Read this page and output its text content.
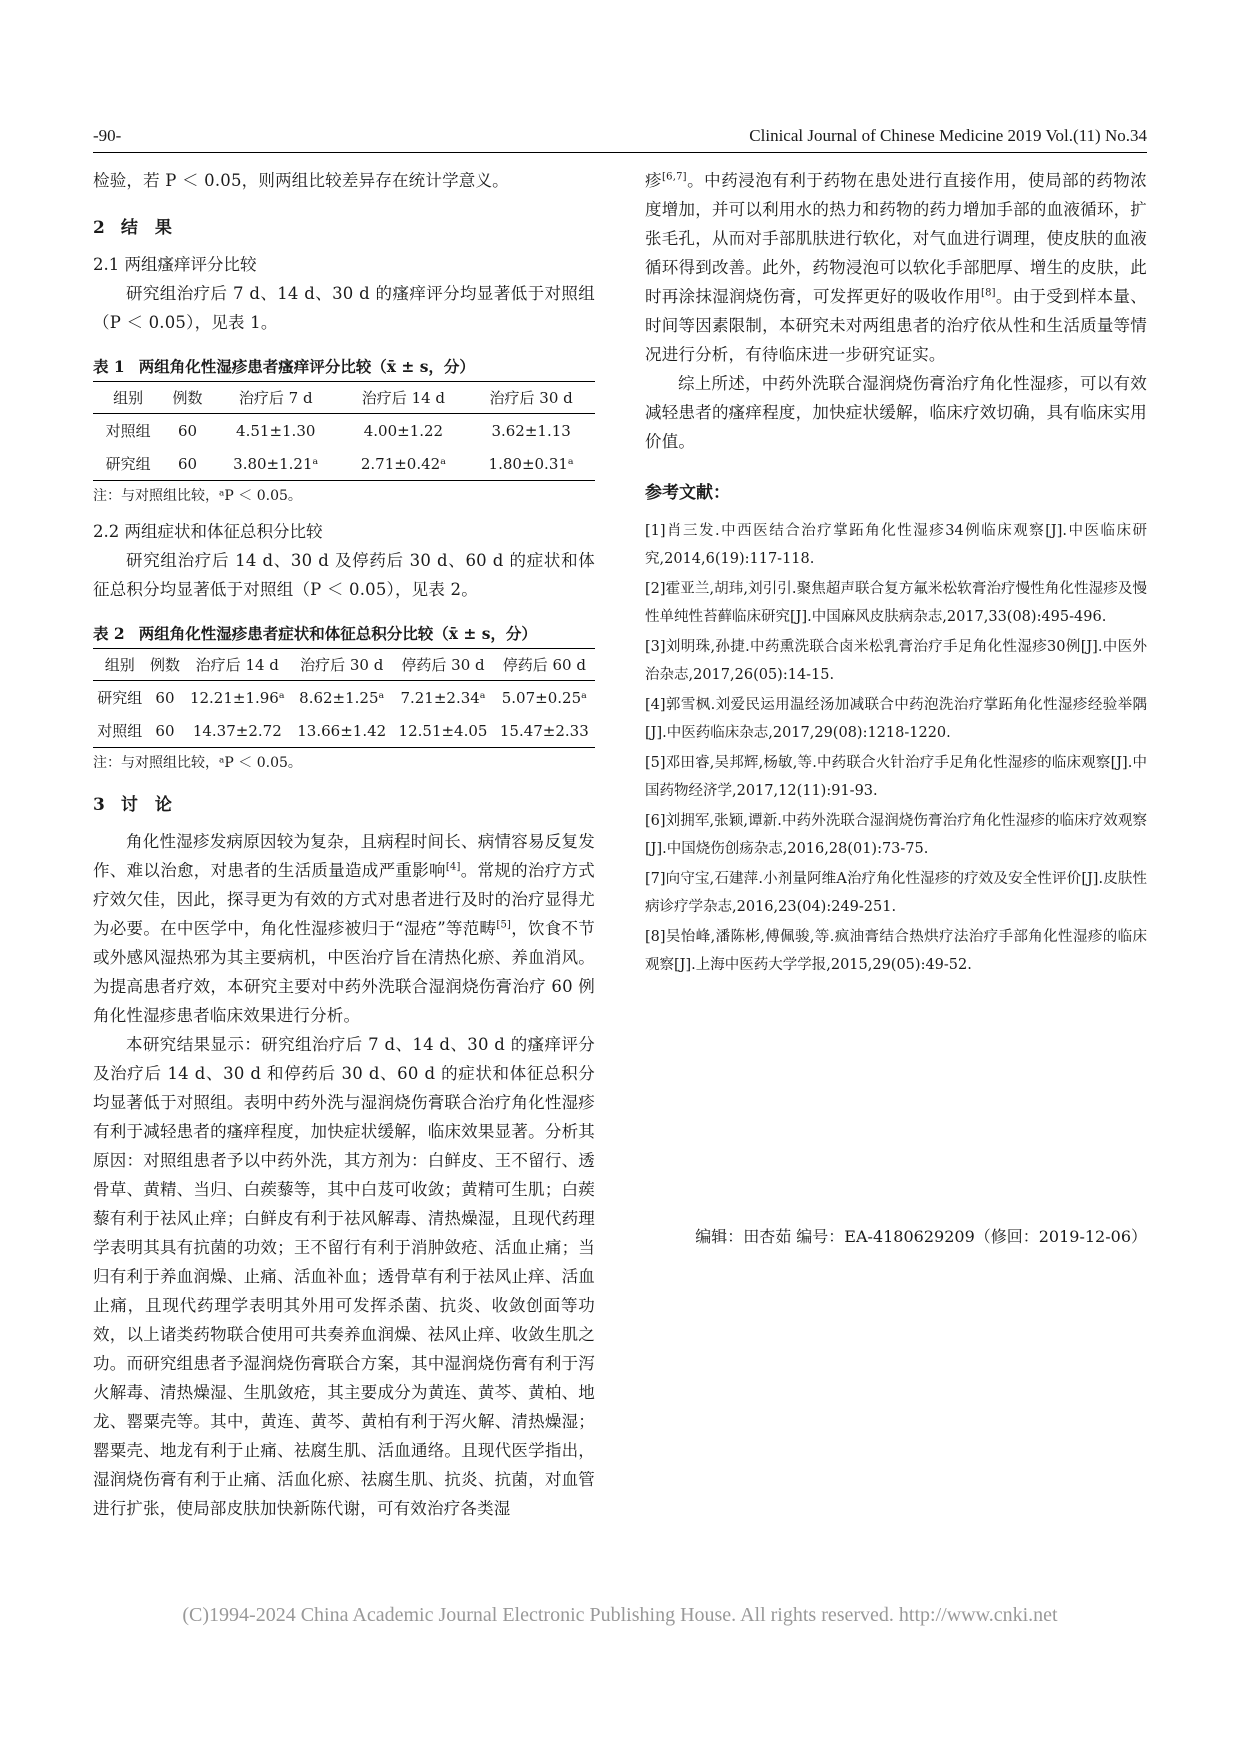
-90-	Clinical Journal of Chinese Medicine 2019 Vol.(11) No.34

检验，若 P ＜ 0.05，则两组比较差异存在统计学意义。

2 结　果
2.1 两组瘙痒评分比较

研究组治疗后 7 d、14 d、30 d 的瘙痒评分均显著低于对照组（P ＜ 0.05），见表 1。

表 1 两组角化性湿疹患者瘙痒评分比较（x̄ ± s，分）
组别	例数	治疗后 7 d	治疗后 14 d	治疗后 30 d
对照组	60	4.51±1.30	4.00±1.22	3.62±1.13
研究组	60	3.80±1.21ᵃ	2.71±0.42ᵃ	1.80±0.31ᵃ
注：与对照组比较，ᵃP ＜ 0.05。
2.2 两组症状和体征总积分比较

研究组治疗后 14 d、30 d 及停药后 30 d、60 d 的症状和体征总积分均显著低于对照组（P ＜ 0.05），见表 2。

表 2 两组角化性湿疹患者症状和体征总积分比较（x̄ ± s，分）
组别	例数	治疗后 14 d	治疗后 30 d	停药后 30 d	停药后 60 d
研究组	60	12.21±1.96ᵃ	8.62±1.25ᵃ	7.21±2.34ᵃ	5.07±0.25ᵃ
对照组	60	14.37±2.72	13.66±1.42	12.51±4.05	15.47±2.33
注：与对照组比较，ᵃP ＜ 0.05。
3 讨　论

角化性湿疹发病原因较为复杂，且病程时间长、病情容易反复发作、难以治愈，对患者的生活质量造成严重影响[4]。常规的治疗方式疗效欠佳，因此，探寻更为有效的方式对患者进行及时的治疗显得尤为必要。在中医学中，角化性湿疹被归于“湿疮”等范畴[5]，饮食不节或外感风湿热邪为其主要病机，中医治疗旨在清热化瘀、养血消风。为提高患者疗效，本研究主要对中药外洗联合湿润烧伤膏治疗 60 例角化性湿疹患者临床效果进行分析。

本研究结果显示：研究组治疗后 7 d、14 d、30 d 的瘙痒评分及治疗后 14 d、30 d 和停药后 30 d、60 d 的症状和体征总积分均显著低于对照组。表明中药外洗与湿润烧伤膏联合治疗角化性湿疹有利于减轻患者的瘙痒程度，加快症状缓解，临床效果显著。分析其原因：对照组患者予以中药外洗，其方剂为：白鲜皮、王不留行、透骨草、黄精、当归、白蒺藜等，其中白芨可收敛；黄精可生肌；白蒺藜有利于祛风止痒；白鲜皮有利于祛风解毒、清热燥湿，且现代药理学表明其具有抗菌的功效；王不留行有利于消肿敛疮、活血止痛；当归有利于养血润燥、止痛、活血补血；透骨草有利于祛风止痒、活血止痛，且现代药理学表明其外用可发挥杀菌、抗炎、收敛创面等功效，以上诸类药物联合使用可共奏养血润燥、祛风止痒、收敛生肌之功。而研究组患者予湿润烧伤膏联合方案，其中湿润烧伤膏有利于泻火解毒、清热燥湿、生肌敛疮，其主要成分为黄连、黄芩、黄柏、地龙、罂粟壳等。其中，黄连、黄芩、黄柏有利于泻火解、清热燥湿；罂粟壳、地龙有利于止痛、祛腐生肌、活血通络。且现代医学指出，湿润烧伤膏有利于止痛、活血化瘀、祛腐生肌、抗炎、抗菌，对血管进行扩张，使局部皮肤加快新陈代谢，可有效治疗各类湿

疹[6,7]。中药浸泡有利于药物在患处进行直接作用，使局部的药物浓度增加，并可以利用水的热力和药物的药力增加手部的血液循环，扩张毛孔，从而对手部肌肤进行软化，对气血进行调理，使皮肤的血液循环得到改善。此外，药物浸泡可以软化手部肥厚、增生的皮肤，此时再涂抹湿润烧伤膏，可发挥更好的吸收作用[8]。由于受到样本量、时间等因素限制，本研究未对两组患者的治疗依从性和生活质量等情况进行分析，有待临床进一步研究证实。

综上所述，中药外洗联合湿润烧伤膏治疗角化性湿疹，可以有效减轻患者的瘙痒程度，加快症状缓解，临床疗效切确，具有临床实用价值。

参考文献：
[1]肖三发.中西医结合治疗掌跖角化性湿疹34例临床观察[J].中医临床研究,2014,6(19):117-118.
[2]霍亚兰,胡玮,刘引引.聚焦超声联合复方氟米松软膏治疗慢性角化性湿疹及慢性单纯性苔藓临床研究[J].中国麻风皮肤病杂志,2017,33(08):495-496.
[3]刘明珠,孙捷.中药熏洗联合卤米松乳膏治疗手足角化性湿疹30例[J].中医外治杂志,2017,26(05):14-15.
[4]郭雪枫.刘爱民运用温经汤加减联合中药泡洗治疗掌跖角化性湿疹经验举隅[J].中医药临床杂志,2017,29(08):1218-1220.
[5]邓田睿,吴邦辉,杨敏,等.中药联合火针治疗手足角化性湿疹的临床观察[J].中国药物经济学,2017,12(11):91-93.
[6]刘拥军,张颖,谭新.中药外洗联合湿润烧伤膏治疗角化性湿疹的临床疗效观察[J].中国烧伤创疡杂志,2016,28(01):73-75.
[7]向守宝,石建萍.小剂量阿维A治疗角化性湿疹的疗效及安全性评价[J].皮肤性病诊疗学杂志,2016,23(04):249-251.
[8]吴怡峰,潘陈彬,傅佩骏,等.疯油膏结合热烘疗法治疗手部角化性湿疹的临床观察[J].上海中医药大学学报,2015,29(05):49-52.
编辑：田杏茹 编号：EA-4180629209（修回：2019-12-06）
(C)1994-2024 China Academic Journal Electronic Publishing House. All rights reserved. http://www.cnki.net
